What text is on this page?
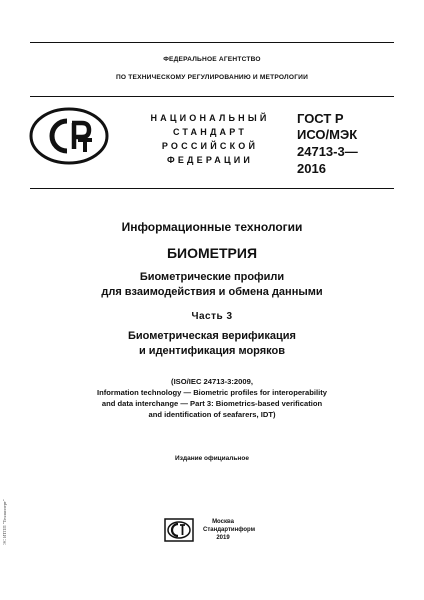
ФЕДЕРАЛЬНОЕ АГЕНТСТВО
ПО ТЕХНИЧЕСКОМУ РЕГУЛИРОВАНИЮ И МЕТРОЛОГИИ
НАЦИОНАЛЬНЫЙ
СТАНДАРТ
РОССИЙСКОЙ
ФЕДЕРАЦИИ
ГОСТ Р
ИСО/МЭК
24713-3—
2016
Информационные технологии
БИОМЕТРИЯ
Биометрические профили
для взаимодействия и обмена данными
Часть 3
Биометрическая верификация
и идентификация моряков
(ISO/IEC 24713-3:2009,
Information technology — Biometric profiles for interoperability
and data interchange — Part 3: Biometrics-based verification
and identification of seafarers, IDT)
Издание официальное
Москва
Стандартинформ
2019
ЭС ИТПП "Техэксперт"
